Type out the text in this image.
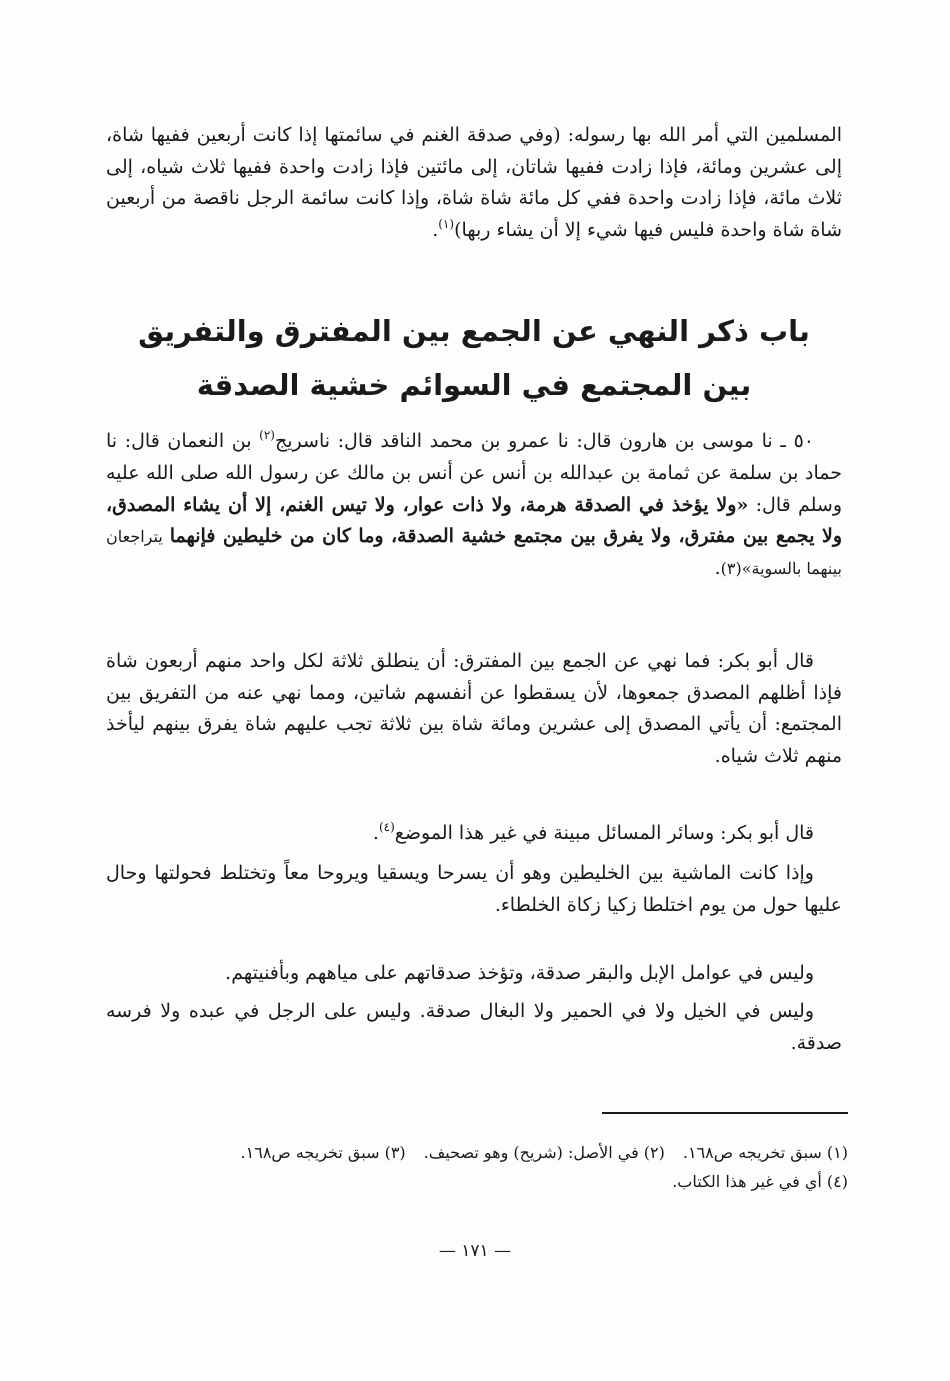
المسلمين التي أمر الله بها رسوله: (وفي صدقة الغنم في سائمتها إذا كانت أربعين ففيها شاة، إلى عشرين ومائة، فإذا زادت ففيها شاتان، إلى مائتين فإذا زادت واحدة ففيها ثلاث شياه، إلى ثلاث مائة، فإذا زادت واحدة ففي كل مائة شاة شاة، وإذا كانت سائمة الرجل ناقصة من أربعين شاة شاة واحدة فليس فيها شيء إلا أن يشاء ربها)$^{(١)}$.
باب ذكر النهي عن الجمع بين المفترق والتفريق
بين المجتمع في السوائم خشية الصدقة
٥٠ ـ نا موسى بن هارون قال: نا عمرو بن محمد الناقد قال: ناسريج$^{(٢)}$ بن النعمان قال: نا حماد بن سلمة عن ثمامة بن عبدالله بن أنس عن أنس بن مالك عن رسول الله صلى الله عليه وسلم قال: «ولا يؤخذ في الصدقة هرمة، ولا ذات عوار، ولا تيس الغنم، إلا أن يشاء المصدق، ولا يجمع بين مفترق، ولا يفرق بين مجتمع خشية الصدقة، وما كان من خليطين فإنهما يتراجعان بينهما بالسوية»(٣).
قال أبو بكر: فما نهي عن الجمع بين المفترق: أن ينطلق ثلاثة لكل واحد منهم أربعون شاة فإذا أظلهم المصدق جمعوها، لأن يسقطوا عن أنفسهم شاتين، ومما نهي عنه من التفريق بين المجتمع: أن يأتي المصدق إلى عشرين ومائة شاة بين ثلاثة تجب عليهم شاة يفرق بينهم ليأخذ منهم ثلاث شياه.
قال أبو بكر: وسائر المسائل مبينة في غير هذا الموضع$^{(٤)}$.
وإذا كانت الماشية بين الخليطين وهو أن يسرحا ويسقيا ويروحا معاً وتختلط فحولتها وحال عليها حول من يوم اختلطا زكيا زكاة الخلطاء.
وليس في عوامل الإبل والبقر صدقة، وتؤخذ صدقاتهم على مياههم وبأفنيتهم.
وليس في الخيل ولا في الحمير ولا البغال صدقة. وليس على الرجل في عبده ولا فرسه صدقة.
(١) سبق تخريجه ص١٦٨.(٢) في الأصل: (شريح) وهو تصحيف.(٣) سبق تخريجه ص١٦٨.
(٤) أي في غير هذا الكتاب.
— ١٧١ —
